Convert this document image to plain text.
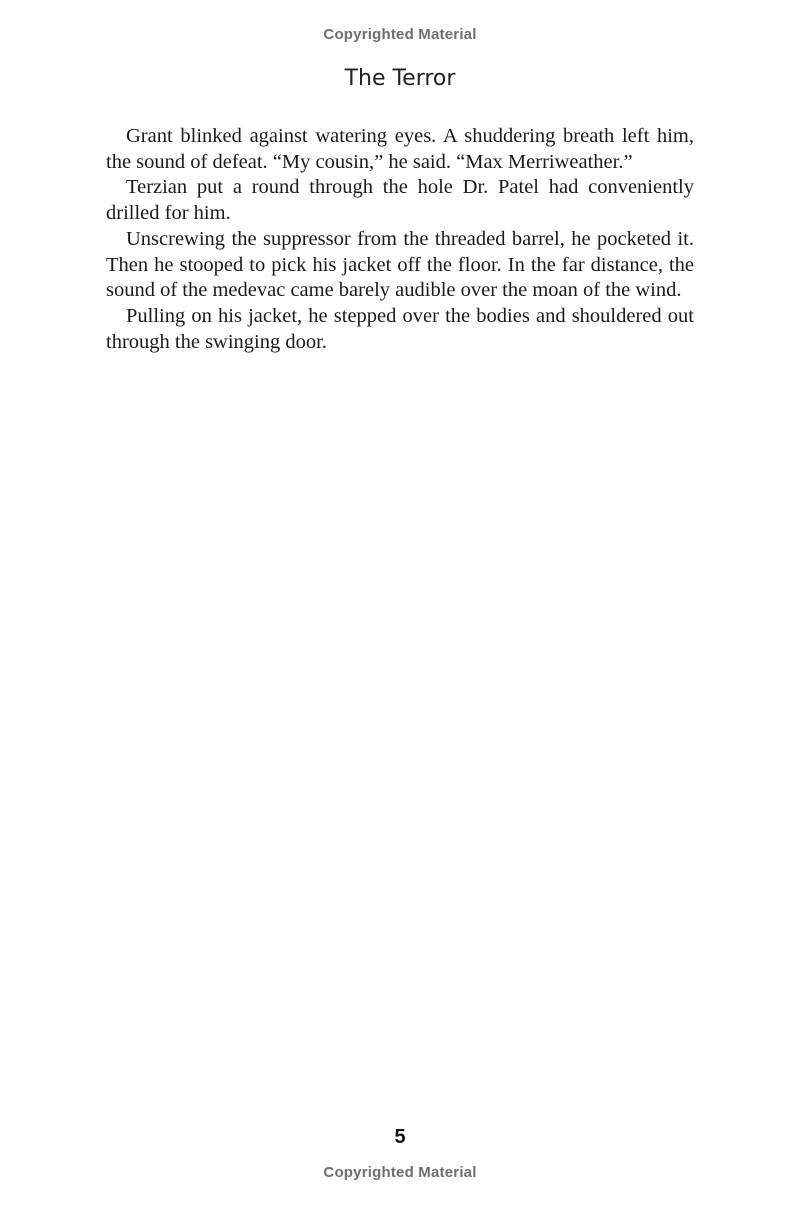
Copyrighted Material
The Terror

Grant blinked against watering eyes. A shuddering breath left him, the sound of defeat. “My cousin,” he said. “Max Merriweather.”

Terzian put a round through the hole Dr. Patel had conveniently drilled for him.

Unscrewing the suppressor from the threaded barrel, he pocketed it. Then he stooped to pick his jacket off the floor. In the far distance, the sound of the medevac came barely audible over the moan of the wind.

Pulling on his jacket, he stepped over the bodies and shouldered out through the swinging door.

5
Copyrighted Material
